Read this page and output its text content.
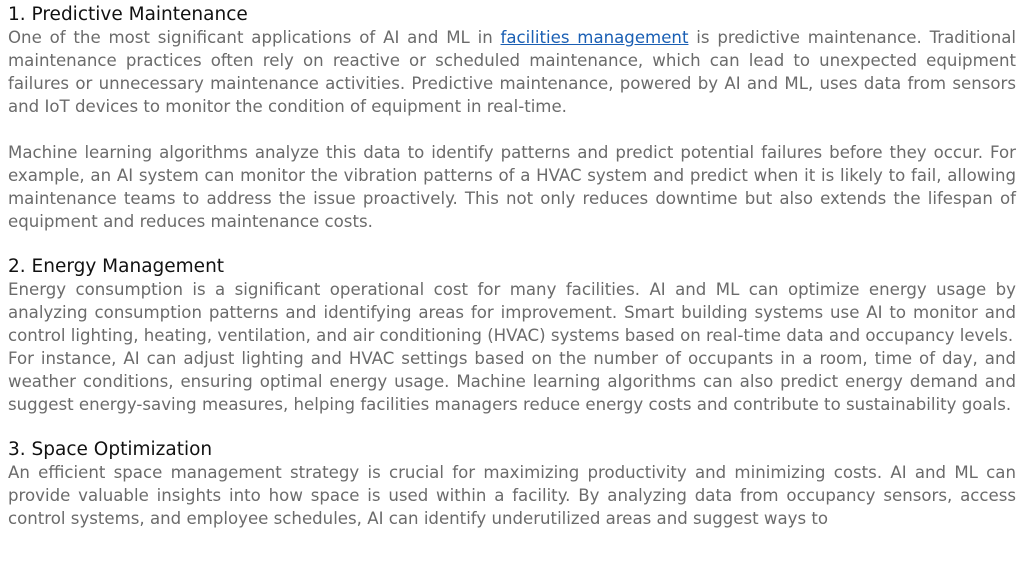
1. Predictive Maintenance

One of the most significant applications of AI and ML in facilities management is predictive maintenance. Traditional maintenance practices often rely on reactive or scheduled maintenance, which can lead to unexpected equipment failures or unnecessary maintenance activities. Predictive maintenance, powered by AI and ML, uses data from sensors and IoT devices to monitor the condition of equipment in real-time.

Machine learning algorithms analyze this data to identify patterns and predict potential failures before they occur. For example, an AI system can monitor the vibration patterns of a HVAC system and predict when it is likely to fail, allowing maintenance teams to address the issue proactively. This not only reduces downtime but also extends the lifespan of equipment and reduces maintenance costs.

2. Energy Management

Energy consumption is a significant operational cost for many facilities. AI and ML can optimize energy usage by analyzing consumption patterns and identifying areas for improvement. Smart building systems use AI to monitor and control lighting, heating, ventilation, and air conditioning (HVAC) systems based on real-time data and occupancy levels.

For instance, AI can adjust lighting and HVAC settings based on the number of occupants in a room, time of day, and weather conditions, ensuring optimal energy usage. Machine learning algorithms can also predict energy demand and suggest energy-saving measures, helping facilities managers reduce energy costs and contribute to sustainability goals.

3. Space Optimization

An efficient space management strategy is crucial for maximizing productivity and minimizing costs. AI and ML can provide valuable insights into how space is used within a facility. By analyzing data from occupancy sensors, access control systems, and employee schedules, AI can identify underutilized areas and suggest ways to
